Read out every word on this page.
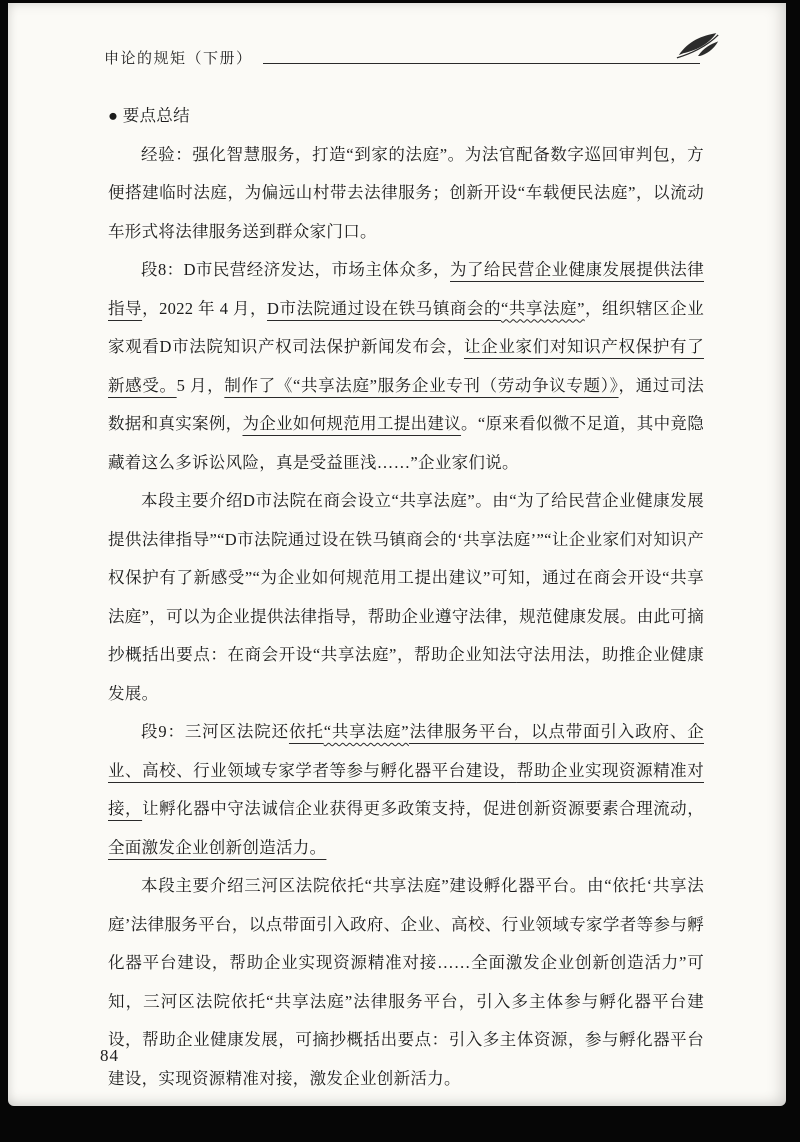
申论的规矩（下册）

● 要点总结

经验：强化智慧服务，打造“到家的法庭”。为法官配备数字巡回审判包，方便搭建临时法庭，为偏远山村带去法律服务；创新开设“车载便民法庭”，以流动车形式将法律服务送到群众家门口。

段8：D市民营经济发达，市场主体众多，为了给民营企业健康发展提供法律指导，2022 年 4 月，D市法院通过设在铁马镇商会的“共享法庭”，组织辖区企业家观看D市法院知识产权司法保护新闻发布会，让企业家们对知识产权保护有了新感受。5 月，制作了《“共享法庭”服务企业专刊（劳动争议专题）》，通过司法数据和真实案例，为企业如何规范用工提出建议。“原来看似微不足道，其中竟隐藏着这么多诉讼风险，真是受益匪浅……”企业家们说。

本段主要介绍D市法院在商会设立“共享法庭”。由“为了给民营企业健康发展提供法律指导”“D市法院通过设在铁马镇商会的‘共享法庭’”“让企业家们对知识产权保护有了新感受”“为企业如何规范用工提出建议”可知，通过在商会开设“共享法庭”，可以为企业提供法律指导，帮助企业遵守法律，规范健康发展。由此可摘抄概括出要点：在商会开设“共享法庭”，帮助企业知法守法用法，助推企业健康发展。

段9：三河区法院还依托“共享法庭”法律服务平台，以点带面引入政府、企业、高校、行业领域专家学者等参与孵化器平台建设，帮助企业实现资源精准对接，让孵化器中守法诚信企业获得更多政策支持，促进创新资源要素合理流动，全面激发企业创新创造活力。

本段主要介绍三河区法院依托“共享法庭”建设孵化器平台。由“依托‘共享法庭’法律服务平台，以点带面引入政府、企业、高校、行业领域专家学者等参与孵化器平台建设，帮助企业实现资源精准对接……全面激发企业创新创造活力”可知，三河区法院依托“共享法庭”法律服务平台，引入多主体参与孵化器平台建设，帮助企业健康发展，可摘抄概括出要点：引入多主体资源，参与孵化器平台建设，实现资源精准对接，激发企业创新活力。

84
